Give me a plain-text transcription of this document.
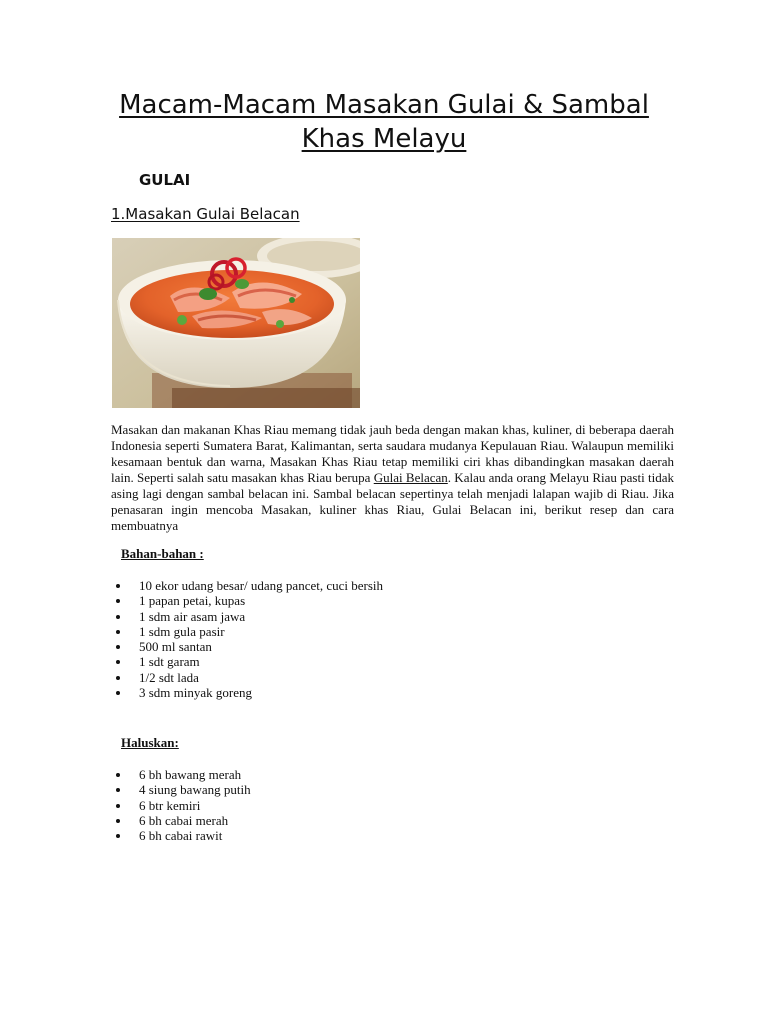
Macam-Macam Masakan Gulai & Sambal Khas Melayu
GULAI
1.Masakan Gulai Belacan

Masakan dan makanan Khas Riau memang tidak jauh beda dengan makan khas, kuliner, di beberapa daerah Indonesia seperti Sumatera Barat, Kalimantan, serta saudara mudanya Kepulauan Riau. Walaupun memiliki kesamaan bentuk dan warna, Masakan Khas Riau tetap memiliki ciri khas dibandingkan masakan daerah lain. Seperti salah satu masakan khas Riau berupa Gulai Belacan. Kalau anda orang Melayu Riau pasti tidak asing lagi dengan sambal belacan ini. Sambal belacan sepertinya telah menjadi lalapan wajib di Riau. Jika penasaran ingin mencoba Masakan, kuliner khas Riau, Gulai Belacan ini, berikut resep dan cara membuatnya

Bahan-bahan :
10 ekor udang besar/ udang pancet, cuci bersih
1 papan petai, kupas
1 sdm air asam jawa
1 sdm gula pasir
500 ml santan
1 sdt garam
1/2 sdt lada
3 sdm minyak goreng
Haluskan:
6 bh bawang merah
4 siung bawang putih
6 btr kemiri
6 bh cabai merah
6 bh cabai rawit
